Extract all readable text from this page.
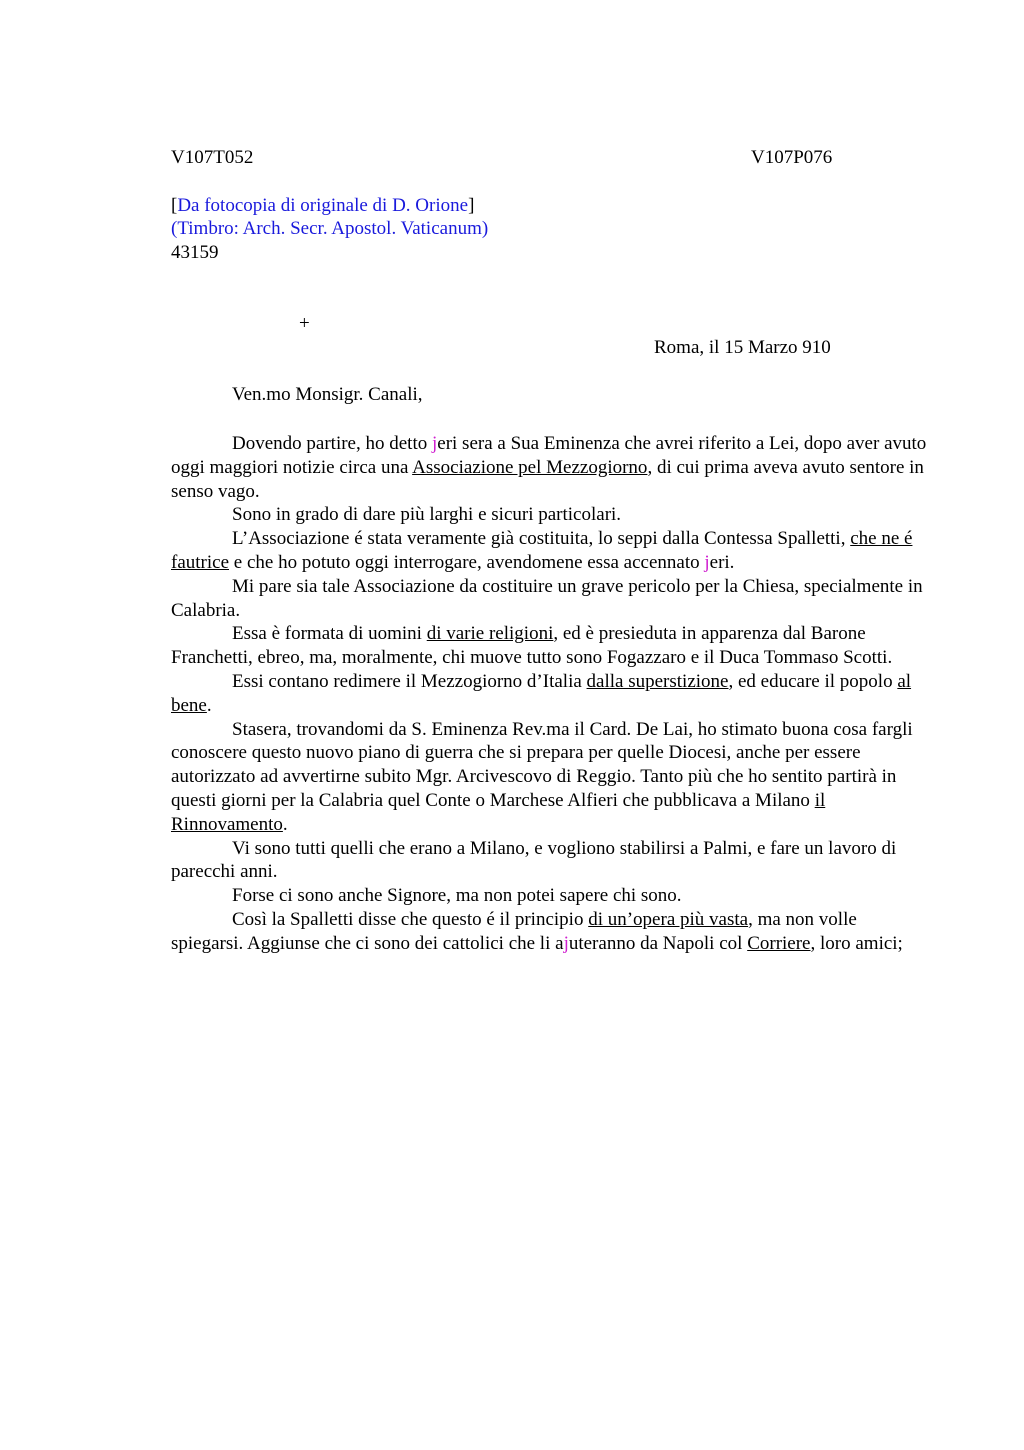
V107T052	V107P076
[Da fotocopia di originale di D. Orione]
(Timbro: Arch. Secr. Apostol. Vaticanum)
43159
+
Roma, il 15 Marzo 910
Ven.mo Monsigr. Canali,

Dovendo partire, ho detto jeri sera a Sua Eminenza che avrei riferito a Lei, dopo aver avuto oggi maggiori notizie circa una Associazione pel Mezzogiorno, di cui prima aveva avuto sentore in senso vago.

Sono in grado di dare più larghi e sicuri particolari.

L’Associazione é stata veramente già costituita, lo seppi dalla Contessa Spalletti, che ne é fautrice e che ho potuto oggi interrogare, avendomene essa accennato jeri.

Mi pare sia tale Associazione da costituire un grave pericolo per la Chiesa, specialmente in Calabria.

Essa è formata di uomini di varie religioni, ed è presieduta in apparenza dal Barone Franchetti, ebreo, ma, moralmente, chi muove tutto sono Fogazzaro e il Duca Tommaso Scotti.

Essi contano redimere il Mezzogiorno d’Italia dalla superstizione, ed educare il popolo al bene.

Stasera, trovandomi da S. Eminenza Rev.ma il Card. De Lai, ho stimato buona cosa fargli conoscere questo nuovo piano di guerra che si prepara per quelle Diocesi, anche per essere autorizzato ad avvertirne subito Mgr. Arcivescovo di Reggio. Tanto più che ho sentito partirà in questi giorni per la Calabria quel Conte o Marchese Alfieri che pubblicava a Milano il Rinnovamento.

Vi sono tutti quelli che erano a Milano, e vogliono stabilirsi a Palmi, e fare un lavoro di parecchi anni.

Forse ci sono anche Signore, ma non potei sapere chi sono.

Così la Spalletti disse che questo é il principio di un’opera più vasta, ma non volle spiegarsi. Aggiunse che ci sono dei cattolici che li ajuteranno da Napoli col Corriere, loro amici;
